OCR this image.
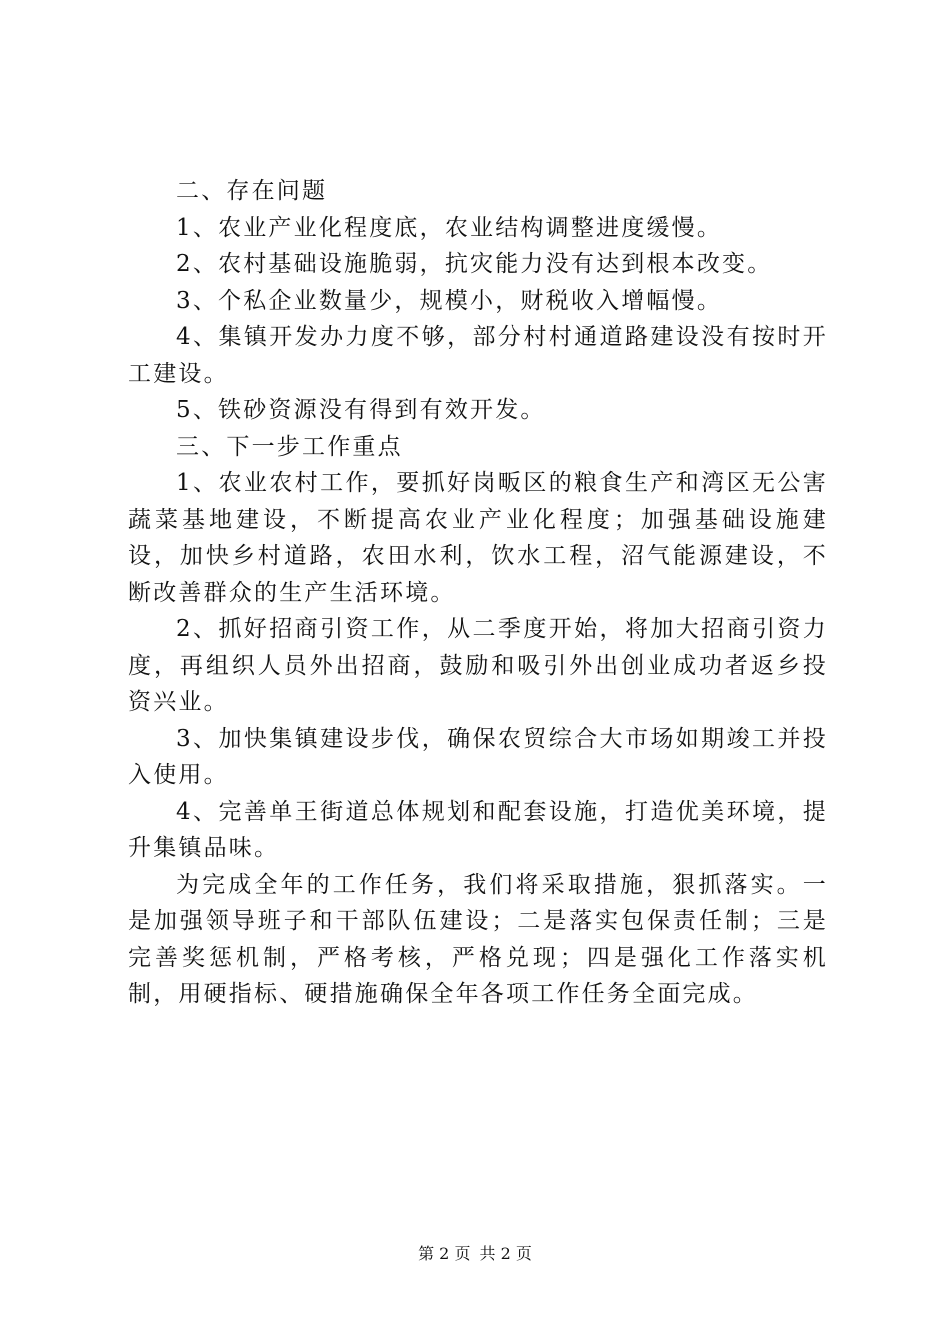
二、存在问题

1、农业产业化程度底，农业结构调整进度缓慢。

2、农村基础设施脆弱，抗灾能力没有达到根本改变。

3、个私企业数量少，规模小，财税收入增幅慢。

4、集镇开发办力度不够，部分村村通道路建设没有按时开工建设。

5、铁砂资源没有得到有效开发。

三、下一步工作重点

1、农业农村工作，要抓好岗畈区的粮食生产和湾区无公害蔬菜基地建设，不断提高农业产业化程度；加强基础设施建设，加快乡村道路，农田水利，饮水工程，沼气能源建设，不断改善群众的生产生活环境。

2、抓好招商引资工作，从二季度开始，将加大招商引资力度，再组织人员外出招商，鼓励和吸引外出创业成功者返乡投资兴业。

3、加快集镇建设步伐，确保农贸综合大市场如期竣工并投入使用。

4、完善单王街道总体规划和配套设施，打造优美环境，提升集镇品味。

为完成全年的工作任务，我们将采取措施，狠抓落实。一是加强领导班子和干部队伍建设；二是落实包保责任制；三是完善奖惩机制，严格考核，严格兑现；四是强化工作落实机制，用硬指标、硬措施确保全年各项工作任务全面完成。

第 2 页 共 2 页
